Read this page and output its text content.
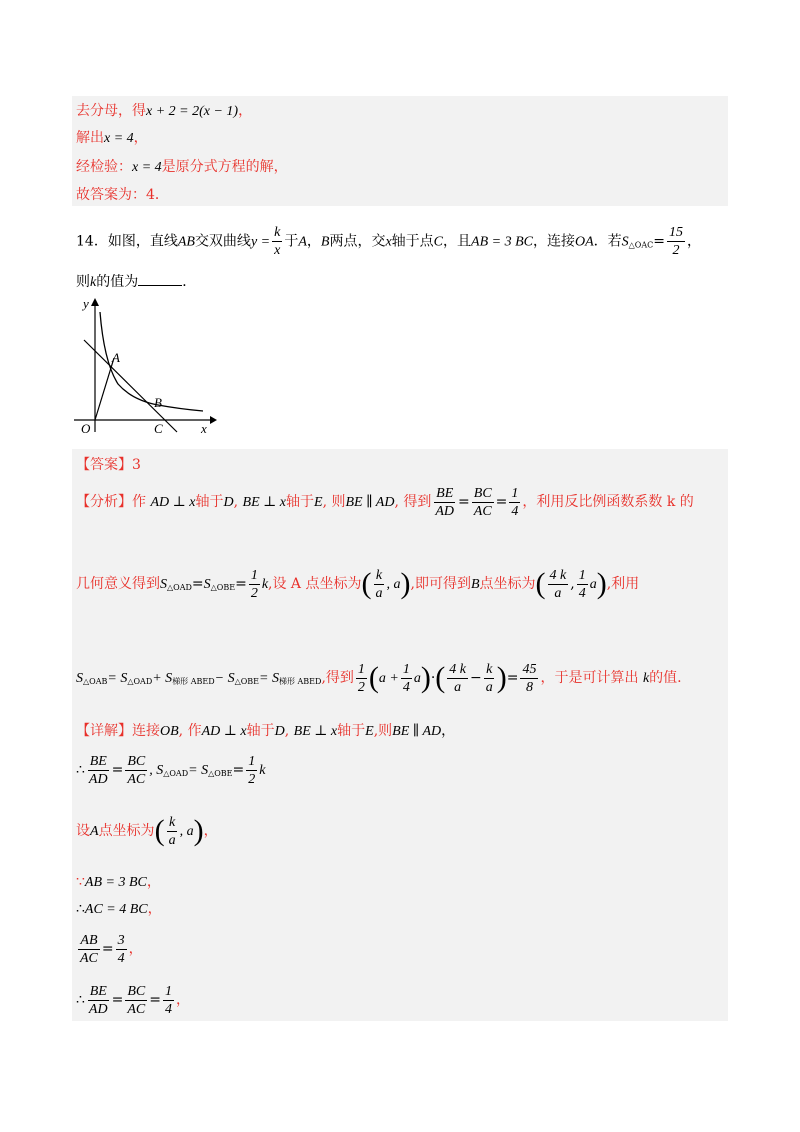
去分母，得x + 2 = 2(x − 1)，
解出x = 4，
经检验：x = 4是原分式方程的解，
故答案为：4．
14．如图，直线AB交双曲线$y = \frac{k}{x}$ 于A，B两点，交x轴于点C，且AB = 3 BC，连接OA．若$S_{\triangle OAC}= \frac{15}{2}$ ，
则k的值为	．
y
x
O
A
B
C
【答案】3
【分析】作 AD ⊥ x轴于D, BE ⊥ x轴于E, 则BE ∥ AD, 得到 $\frac{BE}{AD} = \frac{BC}{AC} = \frac{1}{4}$ ，利用反比例函数系数 k 的
几何意义得到$S_{\triangle OAD}=S_{\triangle OBE}= \frac{1}{2} k$,设 A 点坐标为( $\frac{k}{a}$ , a),即可得到B点坐标为( $\frac{4 k}{a}$ , $\frac{1}{4} a$),利用
$S_{\triangle OAB}= S_{\triangle OAD}+ S_{梯形 ABED}- S_{\triangle OBE}= S_{梯形 ABED}$,得到 $\frac{1}{2} (a + \frac{1}{4} a)\cdot( \frac{4 k}{a} - \frac{k}{a}$ )= $\frac{45}{8}$ ，于是可计算出 k的值.
【详解】连接OB, 作AD ⊥ x轴于D, BE ⊥ x轴于E,则BE ∥ AD，
∴ $\frac{BE}{AD} = \frac{BC}{AC}$ , $S_{\triangle OAD}= S_{\triangle OBE}= \frac{1}{2}$ k
设A点坐标为( $\frac{k}{a}$ , a)，
∵AB = 3 BC，
∴AC = 4 BC，
$\frac{AB}{AC} = \frac{3}{4}$ ，
∴ $\frac{BE}{AD} = \frac{BC}{AC} = \frac{1}{4}$ ，
